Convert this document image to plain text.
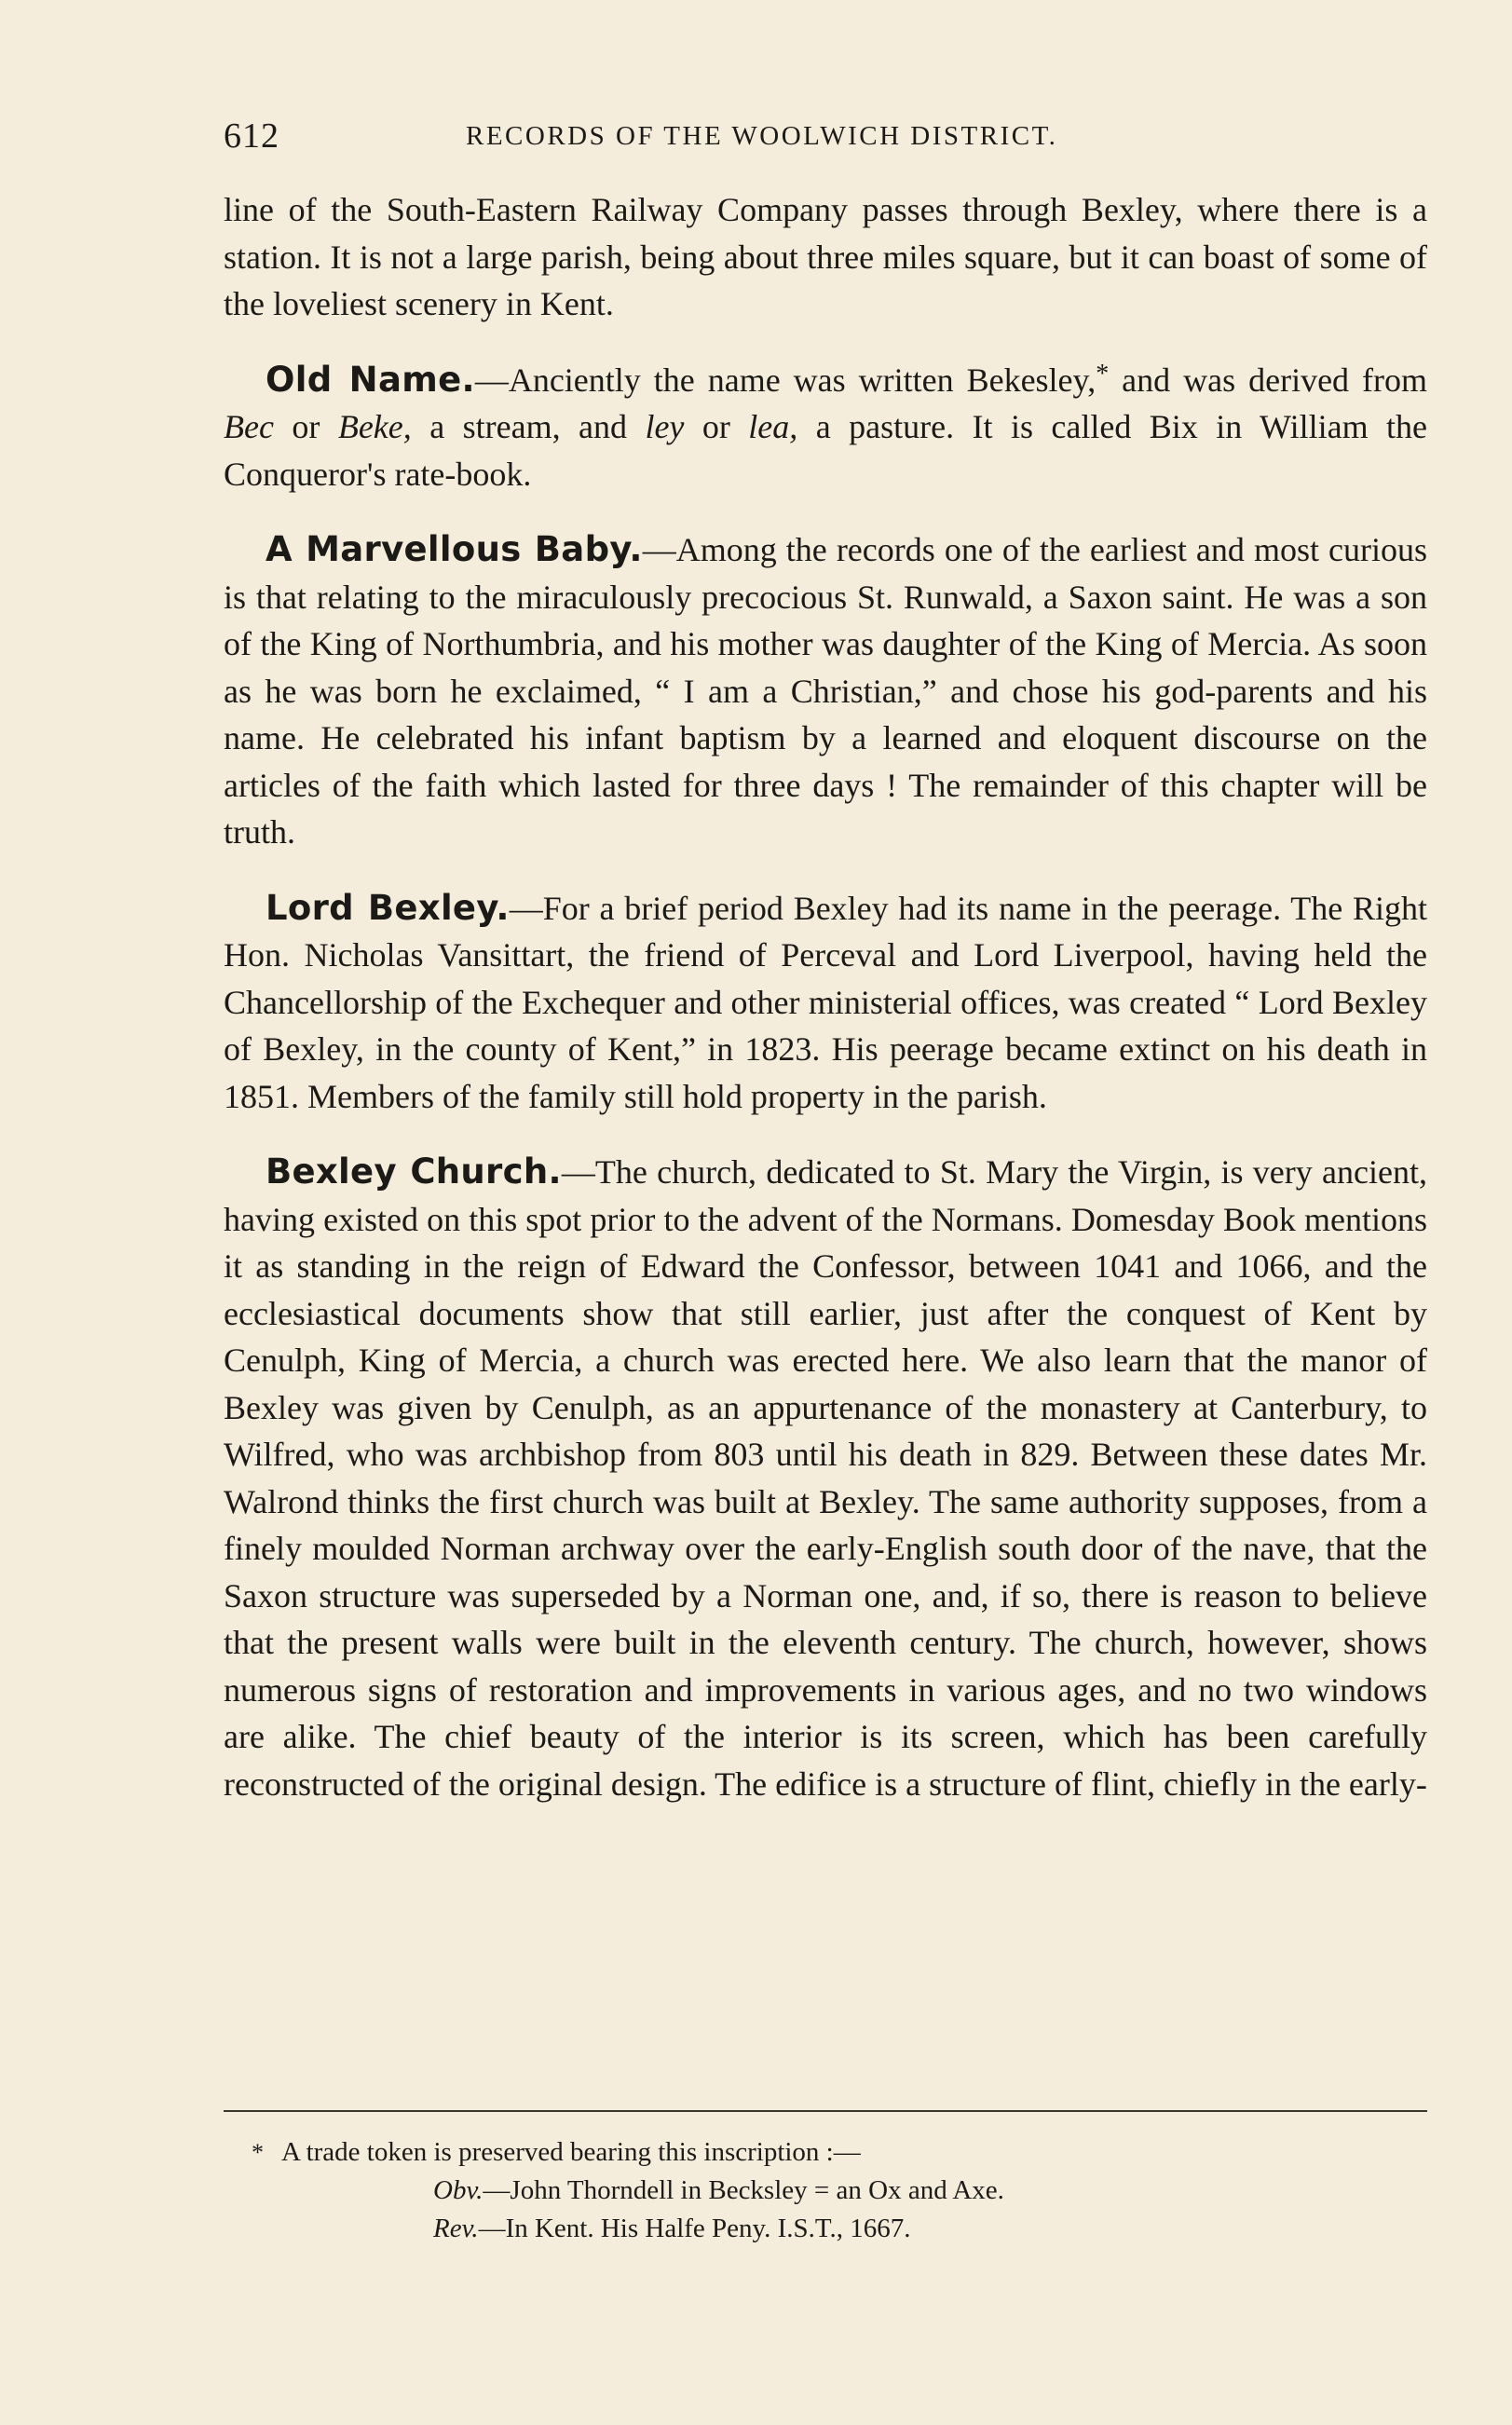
612	RECORDS OF THE WOOLWICH DISTRICT.

line of the South-Eastern Railway Company passes through Bexley, where there is a station. It is not a large parish, being about three miles square, but it can boast of some of the loveliest scenery in Kent.

Old Name.—Anciently the name was written Bekesley,* and was derived from Bec or Beke, a stream, and ley or lea, a pasture. It is called Bix in William the Conqueror's rate-book.

A Marvellous Baby.—Among the records one of the earliest and most curious is that relating to the miraculously precocious St. Runwald, a Saxon saint. He was a son of the King of Northumbria, and his mother was daughter of the King of Mercia. As soon as he was born he exclaimed, “ I am a Christian,” and chose his god-parents and his name. He celebrated his infant baptism by a learned and eloquent discourse on the articles of the faith which lasted for three days ! The remainder of this chapter will be truth.

Lord Bexley.—For a brief period Bexley had its name in the peerage. The Right Hon. Nicholas Vansittart, the friend of Perceval and Lord Liverpool, having held the Chancellorship of the Exchequer and other ministerial offices, was created “ Lord Bexley of Bexley, in the county of Kent,” in 1823. His peerage became extinct on his death in 1851. Members of the family still hold property in the parish.

Bexley Church.—The church, dedicated to St. Mary the Virgin, is very ancient, having existed on this spot prior to the advent of the Normans. Domesday Book mentions it as standing in the reign of Edward the Confessor, between 1041 and 1066, and the ecclesiastical documents show that still earlier, just after the conquest of Kent by Cenulph, King of Mercia, a church was erected here. We also learn that the manor of Bexley was given by Cenulph, as an appurtenance of the monastery at Canterbury, to Wilfred, who was archbishop from 803 until his death in 829. Between these dates Mr. Walrond thinks the first church was built at Bexley. The same authority supposes, from a finely moulded Norman archway over the early-English south door of the nave, that the Saxon structure was superseded by a Norman one, and, if so, there is reason to believe that the present walls were built in the eleventh century. The church, however, shows numerous signs of restoration and improvements in various ages, and no two windows are alike. The chief beauty of the interior is its screen, which has been carefully reconstructed of the original design. The edifice is a structure of flint, chiefly in the early-

* A trade token is preserved bearing this inscription :—
Obv.—John Thorndell in Becksley = an Ox and Axe.
Rev.—In Kent. His Halfe Peny. I.S.T., 1667.
